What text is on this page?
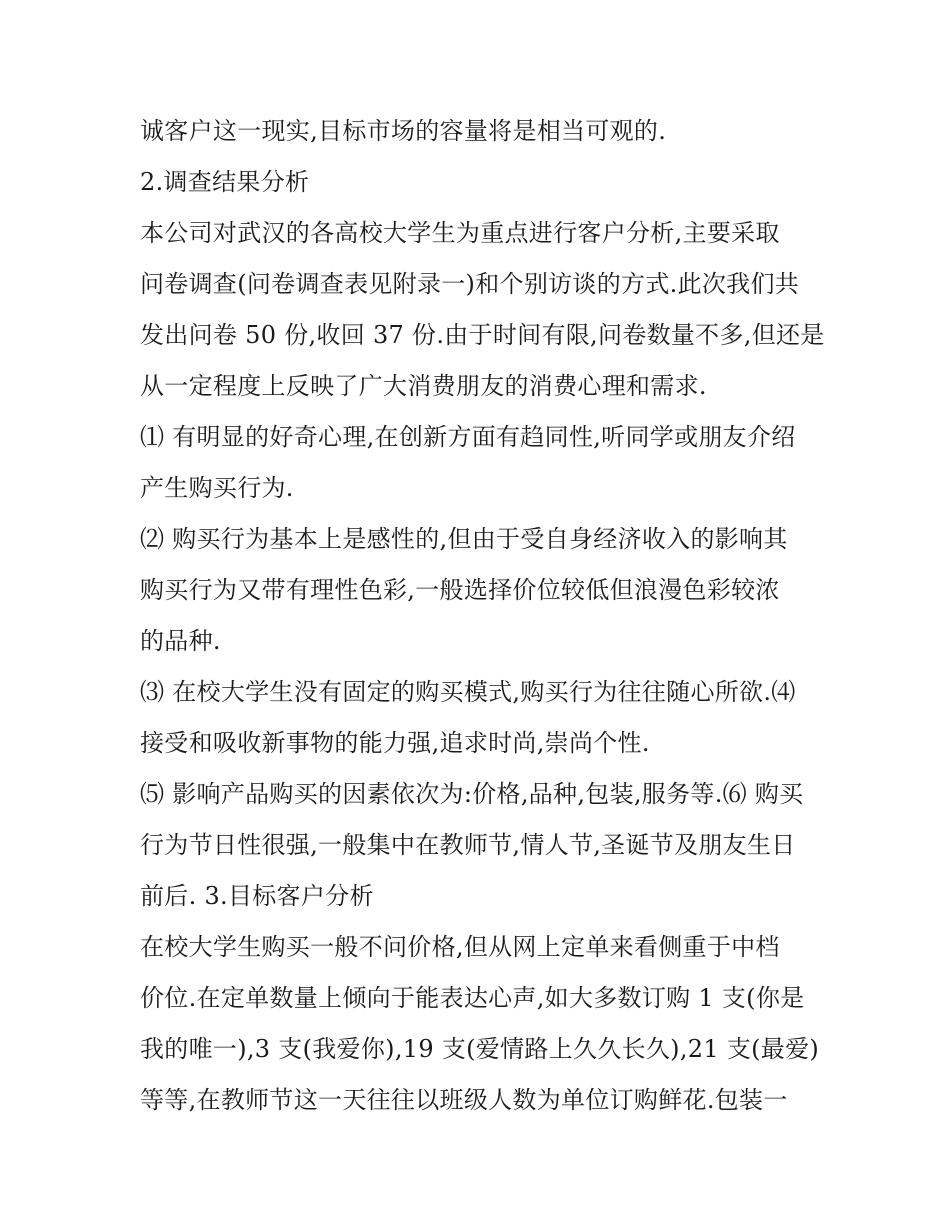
诚客户这一现实,目标市场的容量将是相当可观的.
2.调查结果分析
本公司对武汉的各高校大学生为重点进行客户分析,主要采取
问卷调查(问卷调查表见附录一)和个别访谈的方式.此次我们共
发出问卷 50 份,收回 37 份.由于时间有限,问卷数量不多,但还是
从一定程度上反映了广大消费朋友的消费心理和需求.
⑴ 有明显的好奇心理,在创新方面有趋同性,听同学或朋友介绍
产生购买行为.
⑵ 购买行为基本上是感性的,但由于受自身经济收入的影响其
购买行为又带有理性色彩,一般选择价位较低但浪漫色彩较浓
的品种.
⑶ 在校大学生没有固定的购买模式,购买行为往往随心所欲.⑷
接受和吸收新事物的能力强,追求时尚,崇尚个性.
⑸ 影响产品购买的因素依次为:价格,品种,包装,服务等.⑹ 购买
行为节日性很强,一般集中在教师节,情人节,圣诞节及朋友生日
前后. 3.目标客户分析
在校大学生购买一般不问价格,但从网上定单来看侧重于中档
价位.在定单数量上倾向于能表达心声,如大多数订购 1 支(你是
我的唯一),3 支(我爱你),19 支(爱情路上久久长久),21 支(最爱)
等等,在教师节这一天往往以班级人数为单位订购鲜花.包装一
